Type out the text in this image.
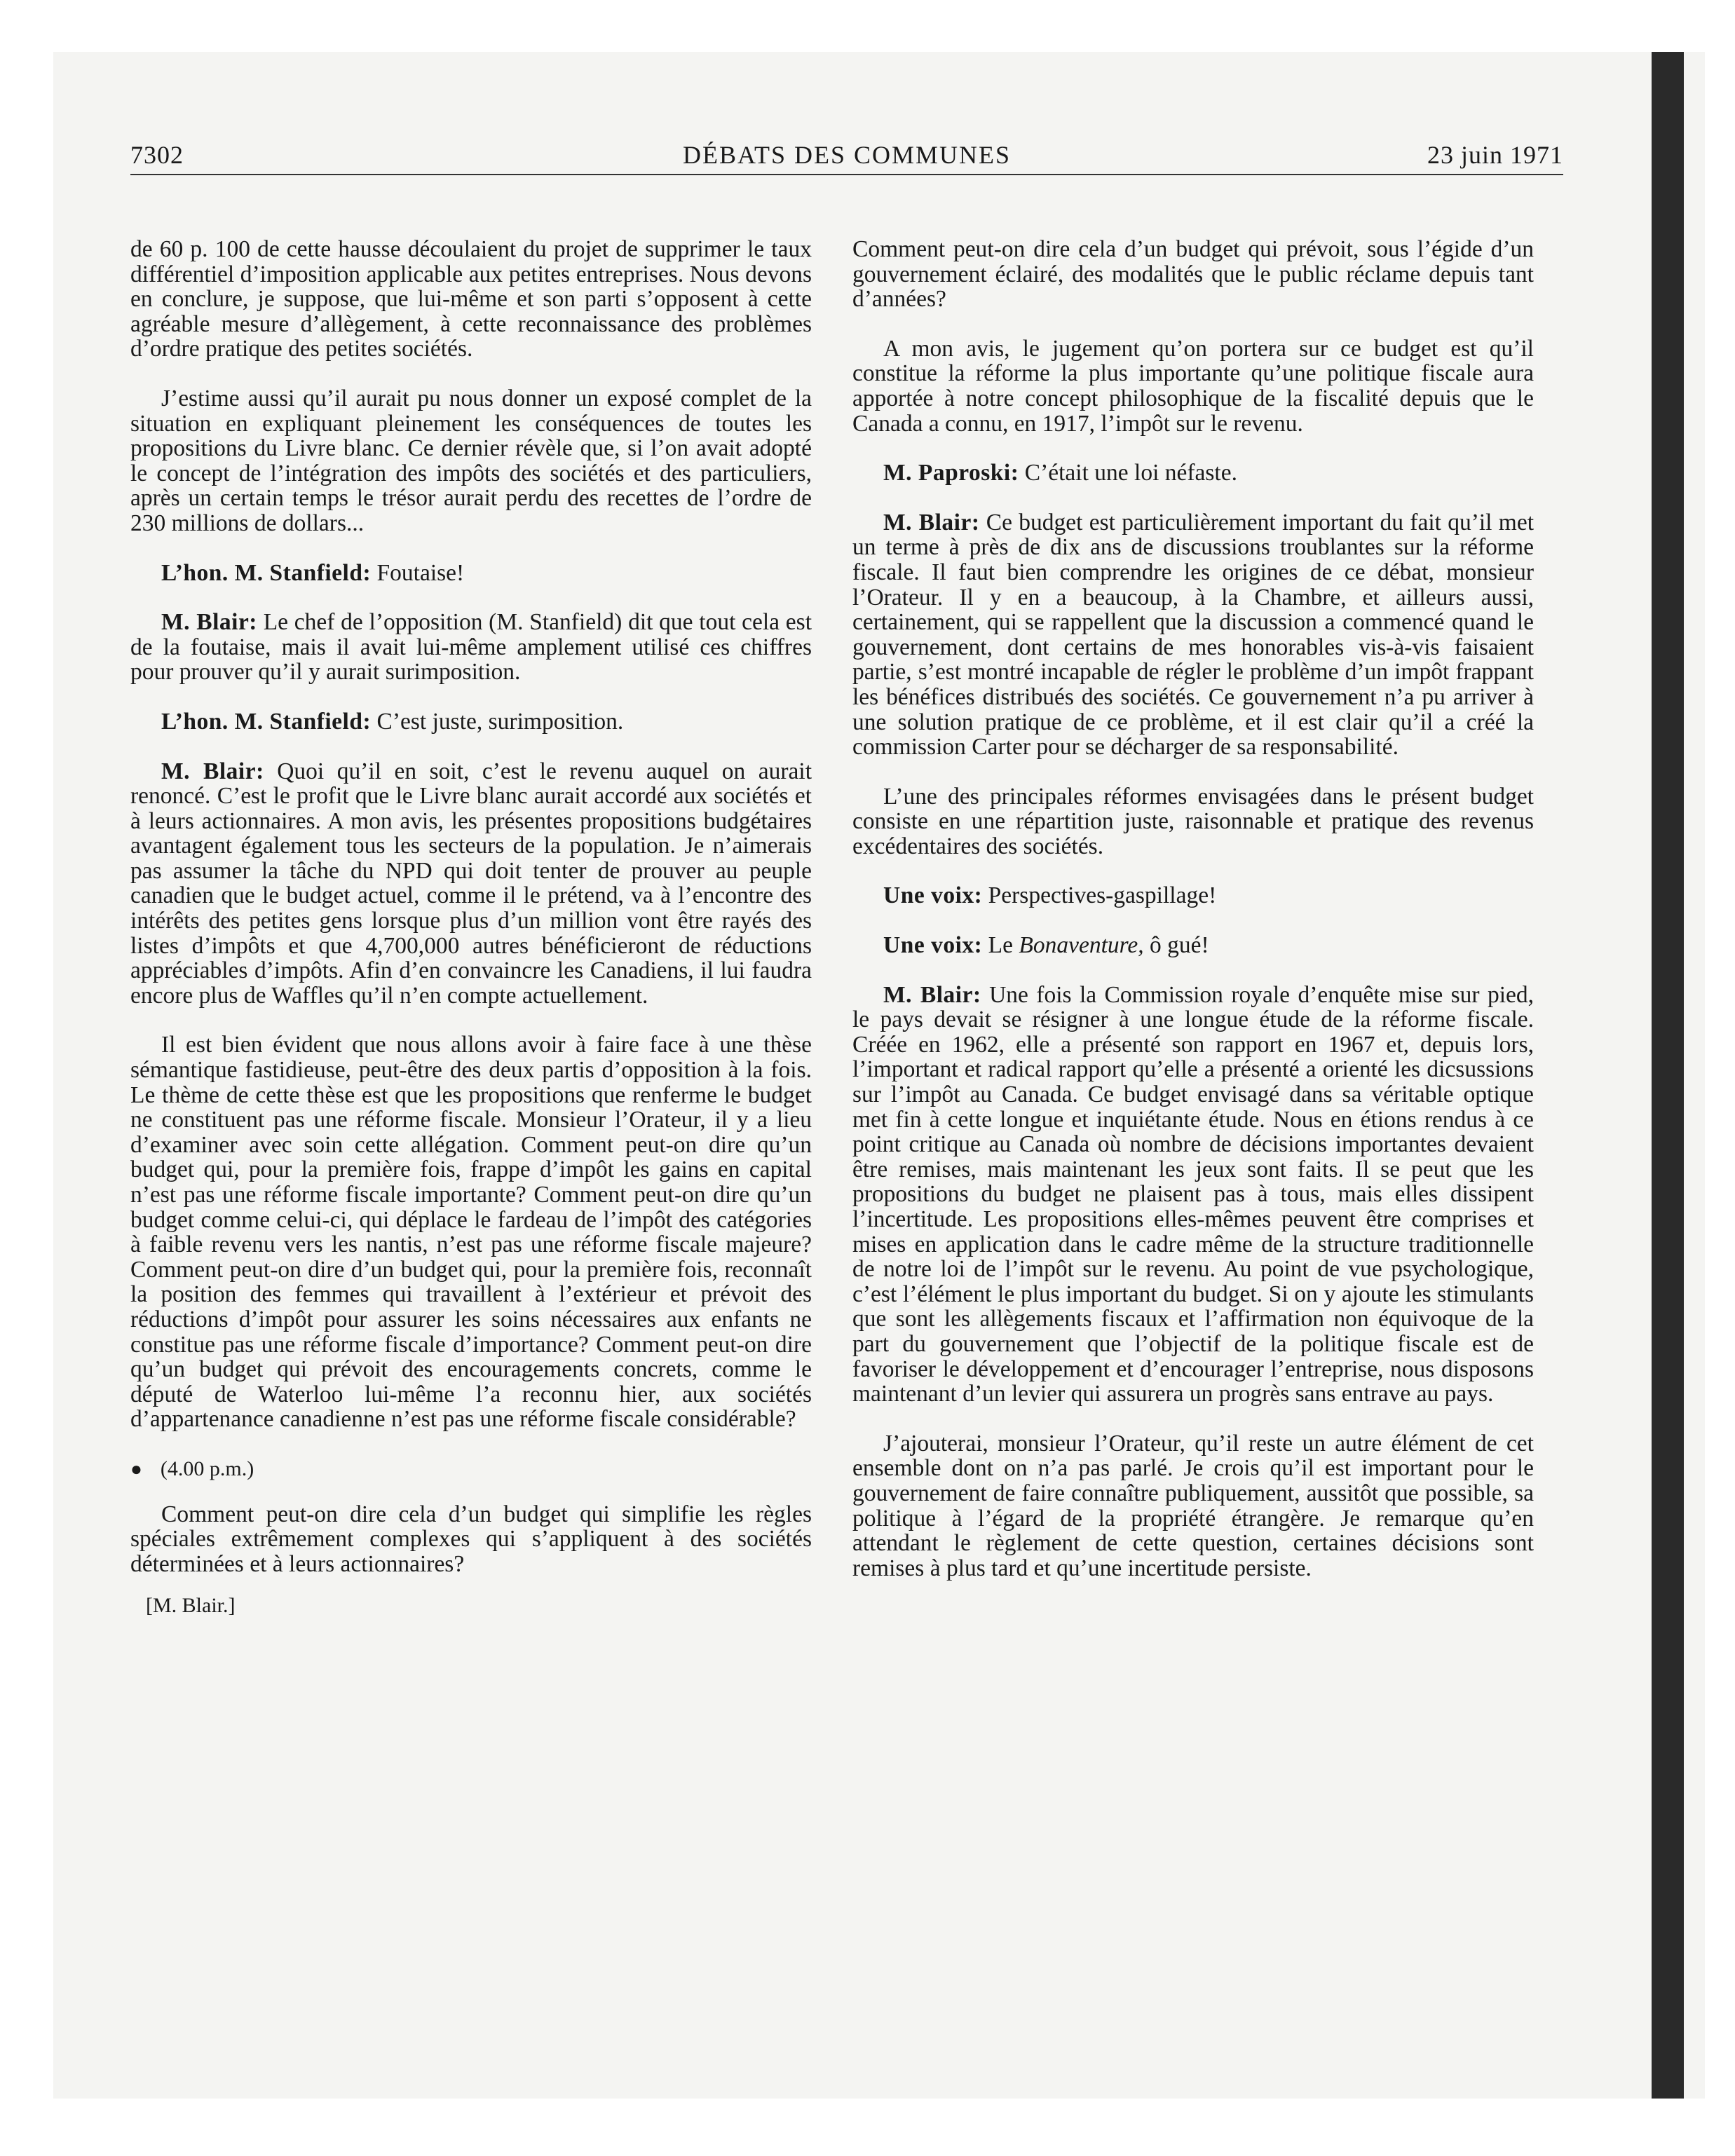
7302	DÉBATS DES COMMUNES	23 juin 1971

de 60 p. 100 de cette hausse découlaient du projet de supprimer le taux différentiel d’imposition applicable aux petites entreprises. Nous devons en conclure, je suppose, que lui-même et son parti s’opposent à cette agréable mesure d’allègement, à cette reconnaissance des problèmes d’ordre pratique des petites sociétés.

J’estime aussi qu’il aurait pu nous donner un exposé complet de la situation en expliquant pleinement les conséquences de toutes les propositions du Livre blanc. Ce dernier révèle que, si l’on avait adopté le concept de l’intégration des impôts des sociétés et des particuliers, après un certain temps le trésor aurait perdu des recettes de l’ordre de 230 millions de dollars...

L’hon. M. Stanfield: Foutaise!

M. Blair: Le chef de l’opposition (M. Stanfield) dit que tout cela est de la foutaise, mais il avait lui-même amplement utilisé ces chiffres pour prouver qu’il y aurait surimposition.

L’hon. M. Stanfield: C’est juste, surimposition.

M. Blair: Quoi qu’il en soit, c’est le revenu auquel on aurait renoncé. C’est le profit que le Livre blanc aurait accordé aux sociétés et à leurs actionnaires. A mon avis, les présentes propositions budgétaires avantagent également tous les secteurs de la population. Je n’aimerais pas assumer la tâche du NPD qui doit tenter de prouver au peuple canadien que le budget actuel, comme il le prétend, va à l’encontre des intérêts des petites gens lorsque plus d’un million vont être rayés des listes d’impôts et que 4,700,000 autres bénéficieront de réductions appréciables d’impôts. Afin d’en convaincre les Canadiens, il lui faudra encore plus de Waffles qu’il n’en compte actuellement.

Il est bien évident que nous allons avoir à faire face à une thèse sémantique fastidieuse, peut-être des deux partis d’opposition à la fois. Le thème de cette thèse est que les propositions que renferme le budget ne constituent pas une réforme fiscale. Monsieur l’Orateur, il y a lieu d’examiner avec soin cette allégation. Comment peut-on dire qu’un budget qui, pour la première fois, frappe d’impôt les gains en capital n’est pas une réforme fiscale importante? Comment peut-on dire qu’un budget comme celui-ci, qui déplace le fardeau de l’impôt des catégories à faible revenu vers les nantis, n’est pas une réforme fiscale majeure? Comment peut-on dire d’un budget qui, pour la première fois, reconnaît la position des femmes qui travaillent à l’extérieur et prévoit des réductions d’impôt pour assurer les soins nécessaires aux enfants ne constitue pas une réforme fiscale d’importance? Comment peut-on dire qu’un budget qui prévoit des encouragements concrets, comme le député de Waterloo lui-même l’a reconnu hier, aux sociétés d’appartenance canadienne n’est pas une réforme fiscale considérable?

● (4.00 p.m.)

Comment peut-on dire cela d’un budget qui simplifie les règles spéciales extrêmement complexes qui s’appliquent à des sociétés déterminées et à leurs actionnaires?

[M. Blair.]

Comment peut-on dire cela d’un budget qui prévoit, sous l’égide d’un gouvernement éclairé, des modalités que le public réclame depuis tant d’années?

A mon avis, le jugement qu’on portera sur ce budget est qu’il constitue la réforme la plus importante qu’une politique fiscale aura apportée à notre concept philosophique de la fiscalité depuis que le Canada a connu, en 1917, l’impôt sur le revenu.

M. Paproski: C’était une loi néfaste.

M. Blair: Ce budget est particulièrement important du fait qu’il met un terme à près de dix ans de discussions troublantes sur la réforme fiscale. Il faut bien comprendre les origines de ce débat, monsieur l’Orateur. Il y en a beaucoup, à la Chambre, et ailleurs aussi, certainement, qui se rappellent que la discussion a commencé quand le gouvernement, dont certains de mes honorables vis-à-vis faisaient partie, s’est montré incapable de régler le problème d’un impôt frappant les bénéfices distribués des sociétés. Ce gouvernement n’a pu arriver à une solution pratique de ce problème, et il est clair qu’il a créé la commission Carter pour se décharger de sa responsabilité.

L’une des principales réformes envisagées dans le présent budget consiste en une répartition juste, raisonnable et pratique des revenus excédentaires des sociétés.

Une voix: Perspectives-gaspillage!

Une voix: Le Bonaventure, ô gué!

M. Blair: Une fois la Commission royale d’enquête mise sur pied, le pays devait se résigner à une longue étude de la réforme fiscale. Créée en 1962, elle a présenté son rapport en 1967 et, depuis lors, l’important et radical rapport qu’elle a présenté a orienté les dicsussions sur l’impôt au Canada. Ce budget envisagé dans sa véritable optique met fin à cette longue et inquiétante étude. Nous en étions rendus à ce point critique au Canada où nombre de décisions importantes devaient être remises, mais maintenant les jeux sont faits. Il se peut que les propositions du budget ne plaisent pas à tous, mais elles dissipent l’incertitude. Les propositions elles-mêmes peuvent être comprises et mises en application dans le cadre même de la structure traditionnelle de notre loi de l’impôt sur le revenu. Au point de vue psychologique, c’est l’élément le plus important du budget. Si on y ajoute les stimulants que sont les allègements fiscaux et l’affirmation non équivoque de la part du gouvernement que l’objectif de la politique fiscale est de favoriser le développement et d’encourager l’entreprise, nous disposons maintenant d’un levier qui assurera un progrès sans entrave au pays.

J’ajouterai, monsieur l’Orateur, qu’il reste un autre élément de cet ensemble dont on n’a pas parlé. Je crois qu’il est important pour le gouvernement de faire connaître publiquement, aussitôt que possible, sa politique à l’égard de la propriété étrangère. Je remarque qu’en attendant le règlement de cette question, certaines décisions sont remises à plus tard et qu’une incertitude persiste.
